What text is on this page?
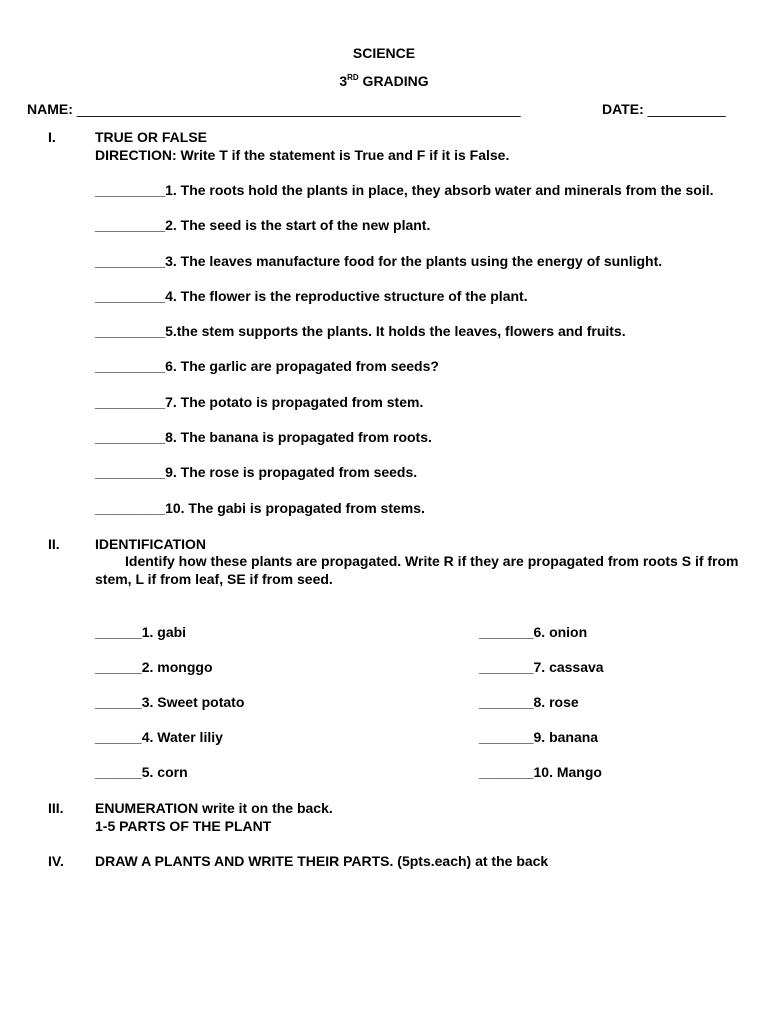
SCIENCE
3RD GRADING
NAME: _________________________________________________________	DATE: __________
I.	TRUE OR FALSE
DIRECTION: Write T if the statement is True and F if it is False.
_________1. The roots hold the plants in place, they absorb water and minerals from the soil.
_________2. The seed is the start of the new plant.
_________3. The leaves manufacture food for the plants using the energy of sunlight.
_________4. The flower is the reproductive structure of the plant.
_________5.the stem supports the plants. It holds the leaves, flowers and fruits.
_________6. The garlic are propagated from seeds?
_________7. The potato is propagated from stem.
_________8. The banana is propagated from roots.
_________9. The rose is propagated from seeds.
_________10. The gabi is propagated from stems.
II.	IDENTIFICATION
Identify how these plants are propagated. Write R if they are propagated from roots S if from
stem, L if from leaf, SE if from seed.
______1. gabi
______2. monggo
______3. Sweet potato
______4. Water liliy
______5. corn
_______6. onion
_______7. cassava
_______8. rose
_______9. banana
_______10. Mango
III. ENUMERATION write it on the back.
1-5 PARTS OF THE PLANT
IV. DRAW A PLANTS AND WRITE THEIR PARTS. (5pts.each) at the back
